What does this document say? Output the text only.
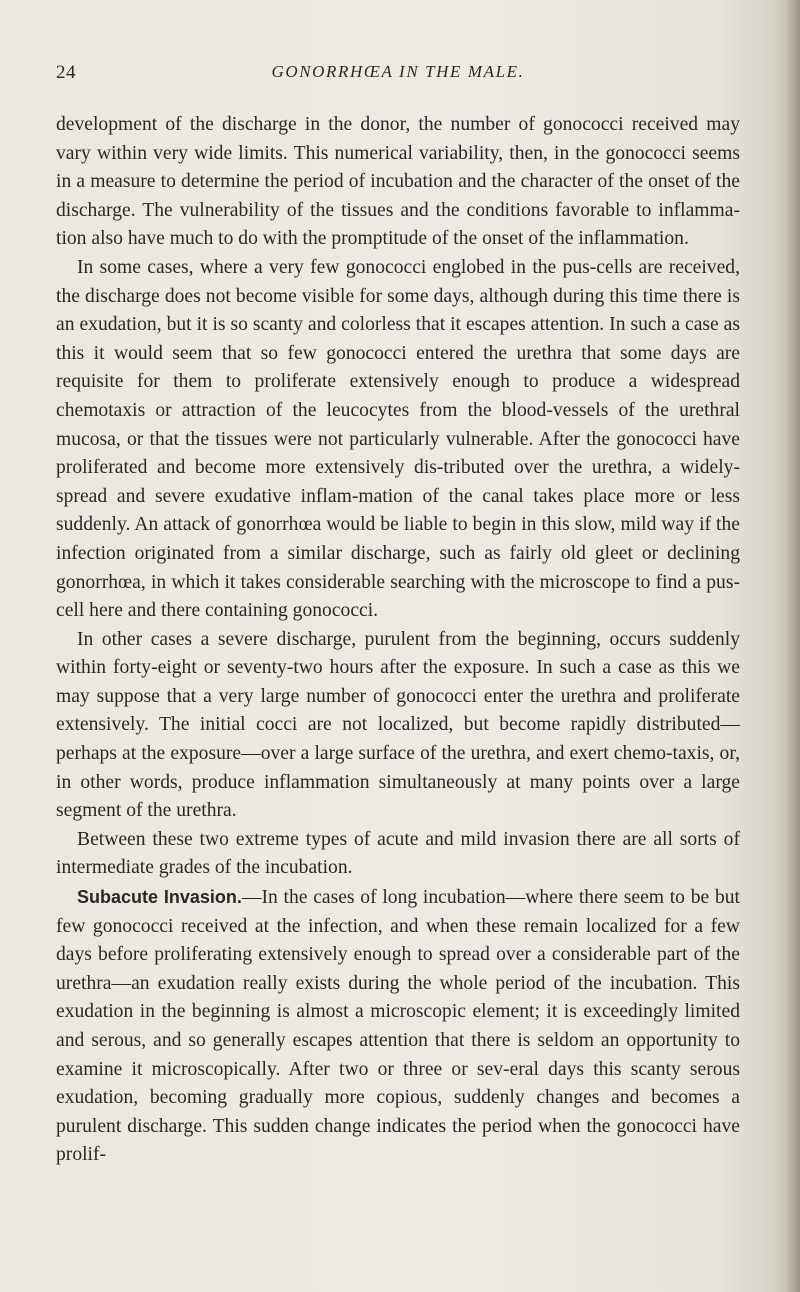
24	GONORRHŒA IN THE MALE.

development of the discharge in the donor, the number of gonococci received may vary within very wide limits. This numerical variability, then, in the gonococci seems in a measure to determine the period of incubation and the character of the onset of the discharge. The vulnerability of the tissues and the conditions favorable to inflamma-tion also have much to do with the promptitude of the onset of the inflammation.

In some cases, where a very few gonococci englobed in the pus-cells are received, the discharge does not become visible for some days, although during this time there is an exudation, but it is so scanty and colorless that it escapes attention. In such a case as this it would seem that so few gonococci entered the urethra that some days are requisite for them to proliferate extensively enough to produce a widespread chemotaxis or attraction of the leucocytes from the blood-vessels of the urethral mucosa, or that the tissues were not particularly vulnerable. After the gonococci have proliferated and become more extensively dis-tributed over the urethra, a widely-spread and severe exudative inflam-mation of the canal takes place more or less suddenly. An attack of gonorrhœa would be liable to begin in this slow, mild way if the infection originated from a similar discharge, such as fairly old gleet or declining gonorrhœa, in which it takes considerable searching with the microscope to find a pus-cell here and there containing gonococci.

In other cases a severe discharge, purulent from the beginning, occurs suddenly within forty-eight or seventy-two hours after the exposure. In such a case as this we may suppose that a very large number of gonococci enter the urethra and proliferate extensively. The initial cocci are not localized, but become rapidly distributed—perhaps at the exposure—over a large surface of the urethra, and exert chemo-taxis, or, in other words, produce inflammation simultaneously at many points over a large segment of the urethra.

Between these two extreme types of acute and mild invasion there are all sorts of intermediate grades of the incubation.

Subacute Invasion.—In the cases of long incubation—where there seem to be but few gonococci received at the infection, and when these remain localized for a few days before proliferating extensively enough to spread over a considerable part of the urethra—an exudation really exists during the whole period of the incubation. This exudation in the beginning is almost a microscopic element; it is exceedingly limited and serous, and so generally escapes attention that there is seldom an opportunity to examine it microscopically. After two or three or sev-eral days this scanty serous exudation, becoming gradually more copious, suddenly changes and becomes a purulent discharge. This sudden change indicates the period when the gonococci have prolif-
